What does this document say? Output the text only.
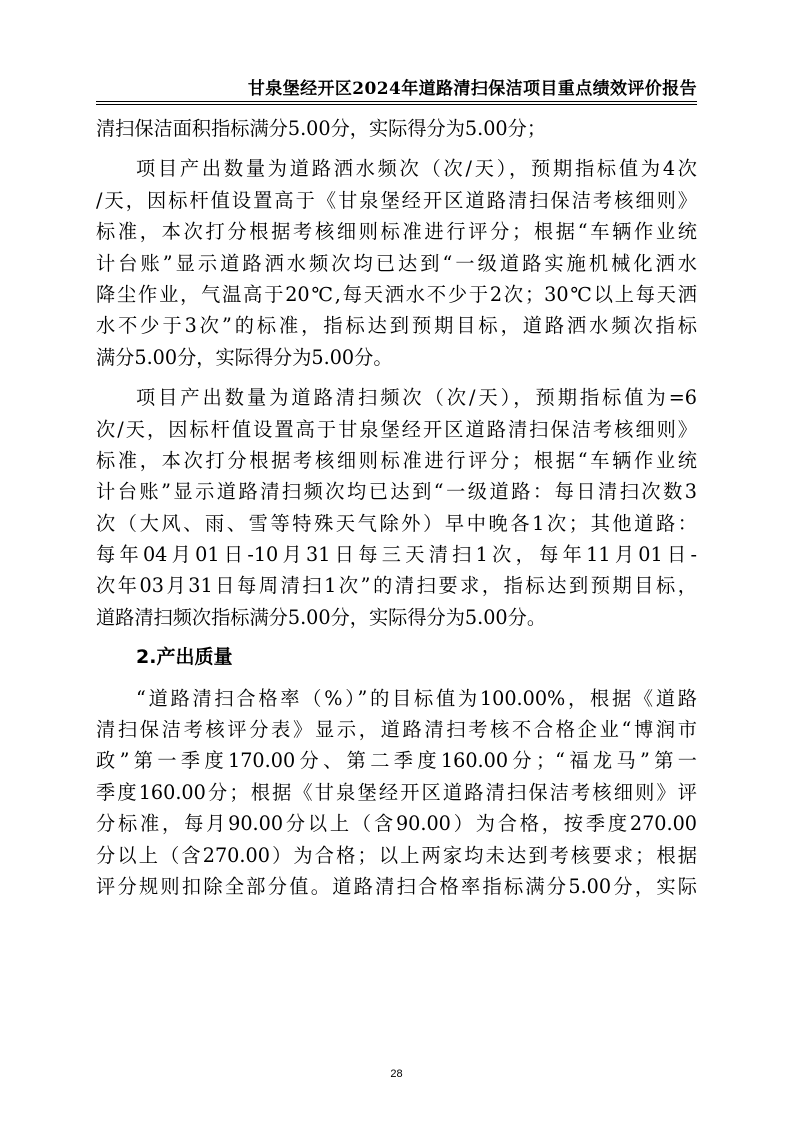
甘泉堡经开区2024年道路清扫保洁项目重点绩效评价报告
清扫保洁面积指标满分5.00分，实际得分为5.00分；
项目产出数量为道路洒水频次（次/天），预期指标值为4次
/天，因标杆值设置高于《甘泉堡经开区道路清扫保洁考核细则》
标准，本次打分根据考核细则标准进行评分；根据“车辆作业统
计台账”显示道路洒水频次均已达到“一级道路实施机械化洒水
降尘作业，气温高于20℃,每天洒水不少于2次；30℃以上每天洒
水不少于3次”的标准，指标达到预期目标，道路洒水频次指标
满分5.00分，实际得分为5.00分。
项目产出数量为道路清扫频次（次/天），预期指标值为=6
次/天，因标杆值设置高于甘泉堡经开区道路清扫保洁考核细则》
标准，本次打分根据考核细则标准进行评分；根据“车辆作业统
计台账”显示道路清扫频次均已达到“一级道路：每日清扫次数3
次（大风、雨、雪等特殊天气除外）早中晚各1次；其他道路：
每年04月01日-10月31日每三天清扫1次，每年11月01日-
次年03月31日每周清扫1次”的清扫要求，指标达到预期目标，
道路清扫频次指标满分5.00分，实际得分为5.00分。
2.产出质量
“道路清扫合格率（%）”的目标值为100.00%，根据《道路
清扫保洁考核评分表》显示，道路清扫考核不合格企业“博润市
政”第一季度170.00分、第二季度160.00分；“福龙马”第一
季度160.00分；根据《甘泉堡经开区道路清扫保洁考核细则》评
分标准，每月90.00分以上（含90.00）为合格，按季度270.00
分以上（含270.00）为合格；以上两家均未达到考核要求；根据
评分规则扣除全部分值。道路清扫合格率指标满分5.00分，实际
28
